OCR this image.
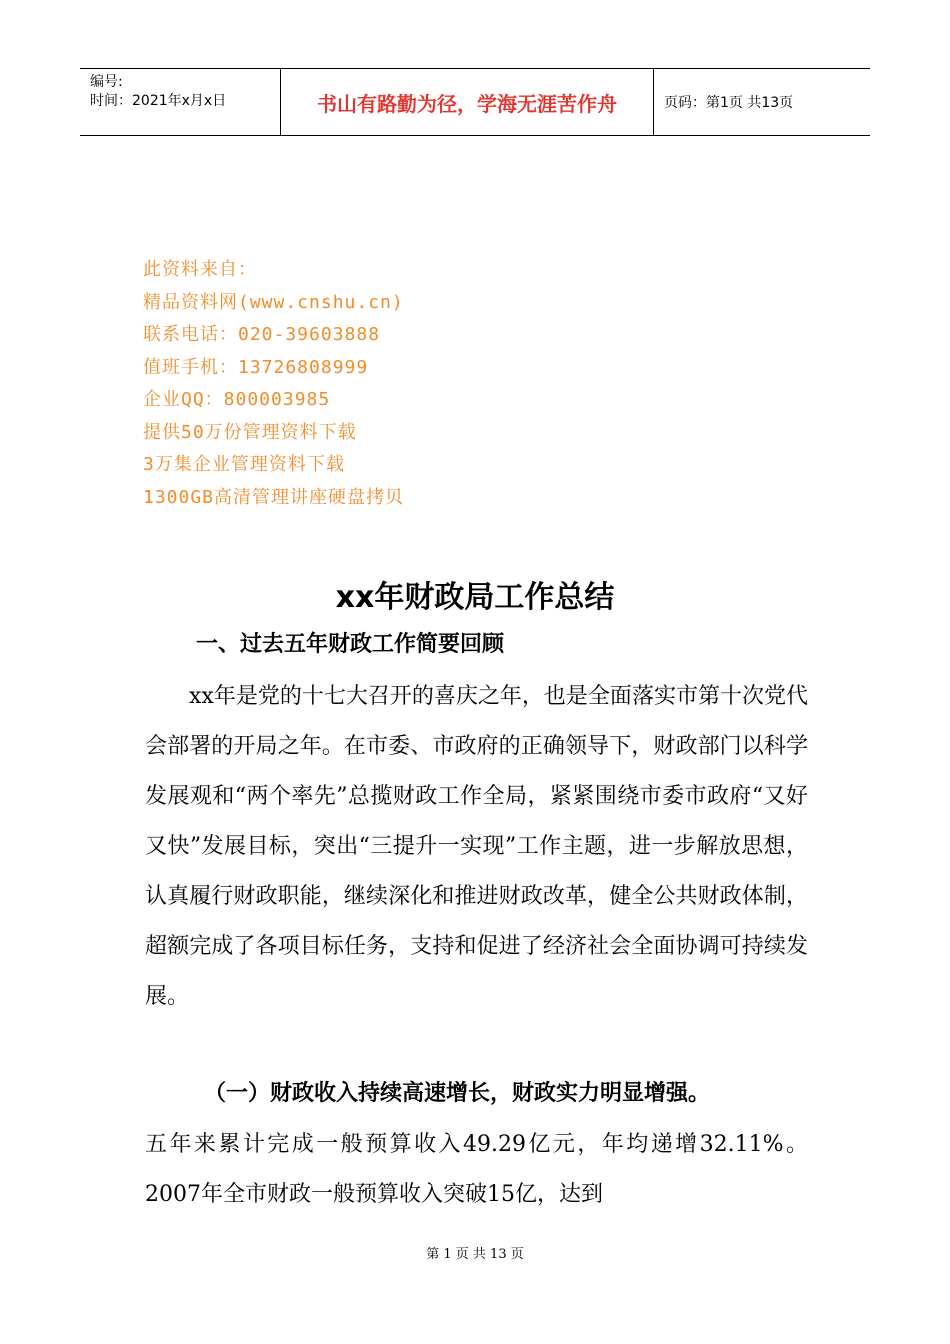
编号:
时间：2021年x月x日	书山有路勤为径，学海无涯苦作舟	页码：第1页 共13页
此资料来自：
精品资料网(www.cnshu.cn)
联系电话：020-39603888
值班手机：13726808999
企业QQ：800003985
提供50万份管理资料下载
3万集企业管理资料下载
1300GB高清管理讲座硬盘拷贝
xx年财政局工作总结
一、过去五年财政工作简要回顾
xx年是党的十七大召开的喜庆之年，也是全面落实市第十次党代会部署的开局之年。在市委、市政府的正确领导下，财政部门以科学发展观和“两个率先”总揽财政工作全局，紧紧围绕市委市政府“又好又快”发展目标，突出“三提升一实现”工作主题，进一步解放思想，认真履行财政职能，继续深化和推进财政改革，健全公共财政体制，超额完成了各项目标任务，支持和促进了经济社会全面协调可持续发展。
（一）财政收入持续高速增长，财政实力明显增强。
五年来累计完成一般预算收入49.29亿元，年均递增32.11%。2007年全市财政一般预算收入突破15亿，达到
第 1 页 共 13 页
